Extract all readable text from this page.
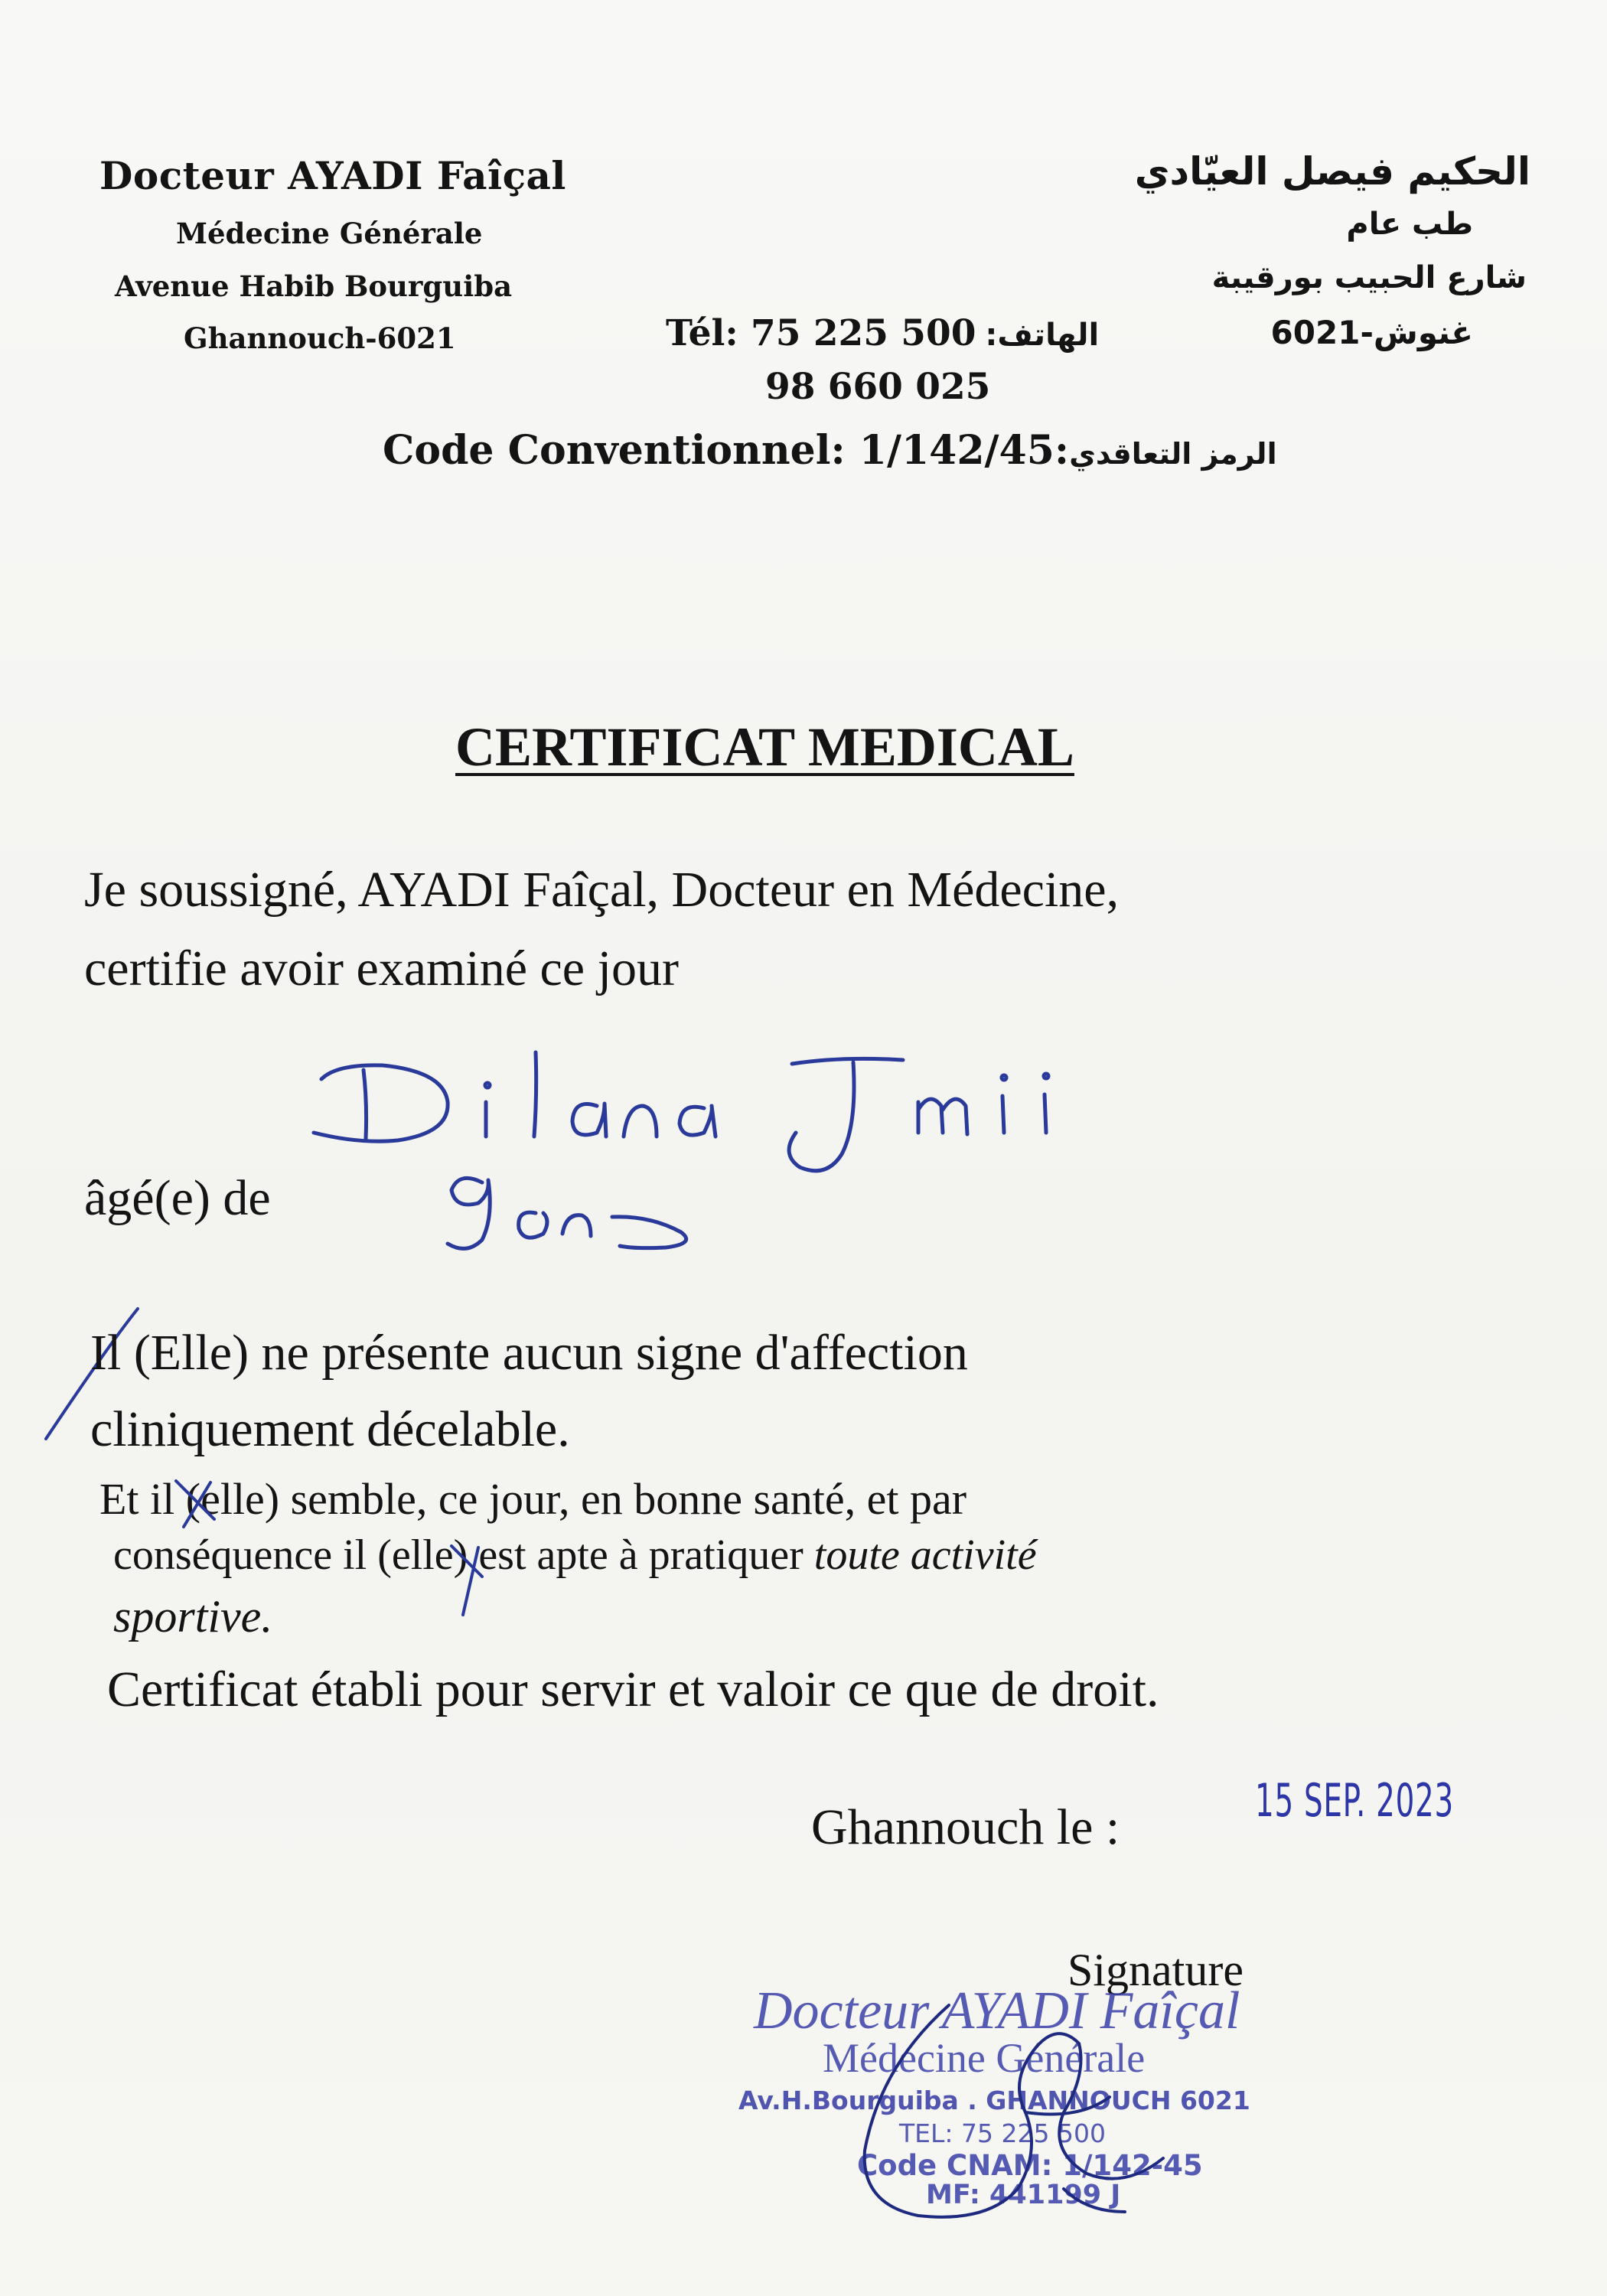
Docteur AYADI Faîçal
Médecine Générale
Avenue Habib Bourguiba
Ghannouch-6021
الحكيم فيصل العيّادي
طب عام
شارع الحبيب بورقيبة
غنوش-6021
Tél: 75 225 500 :الهاتف
98 660 025
Code Conventionnel: 1/142/45:الرمز التعاقدي
CERTIFICAT MEDICAL
Je soussigné, AYADI Faîçal, Docteur en Médecine,
certifie avoir examiné ce jour
âgé(e) de
Il (Elle) ne présente aucun signe d'affection
cliniquement décelable.
Et il (elle) semble, ce jour, en bonne santé, et par
conséquence il (elle) est apte à pratiquer toute activité
sportive.
Certificat établi pour servir et valoir ce que de droit.
Ghannouch le :	15 SEP. 2023
Signature
Docteur AYADI Faîçal
Médecine Générale
Av.H.Bourguiba . GHANNOUCH 6021
TEL: 75 225 500
Code CNAM: 1/142-45
MF: 441199 J
